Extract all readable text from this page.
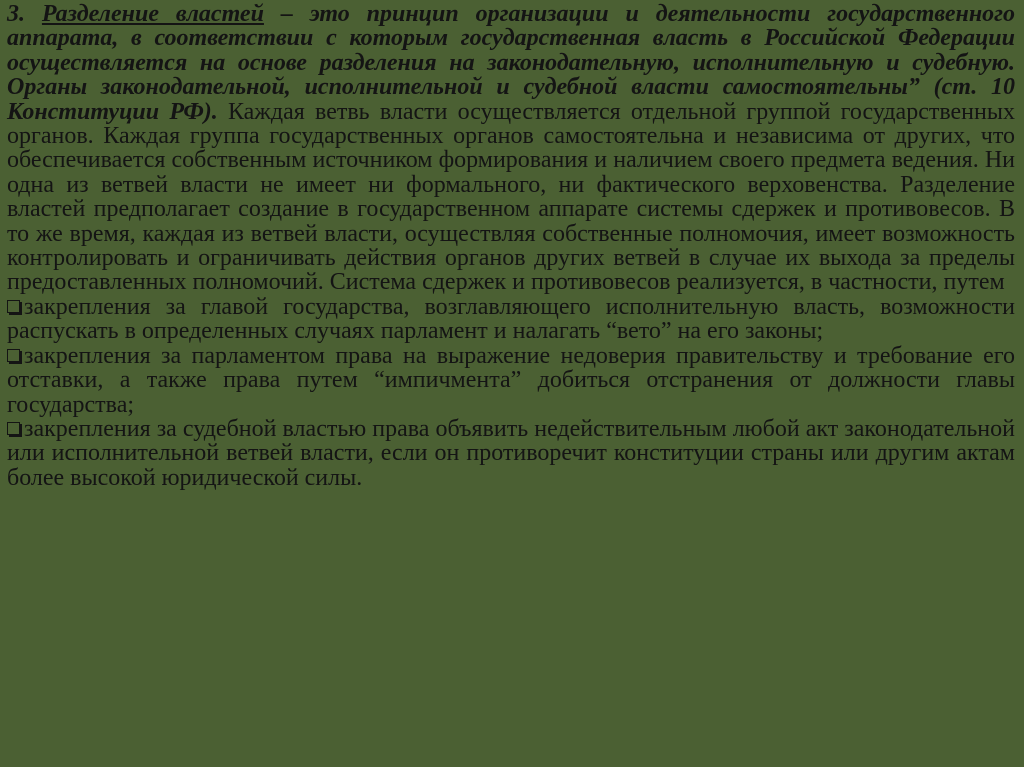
3. Разделение властей – это принцип организации и деятельности государственного аппарата, в соответствии с которым государственная власть в Российской Федерации осуществляется на основе разделения на законодательную, исполнительную и судебную. Органы законодательной, исполнительной и судебной власти самостоятельны” (ст. 10 Конституции РФ). Каждая ветвь власти осуществляется отдельной группой государственных органов. Каждая группа государственных органов самостоятельна и независима от других, что обеспечивается собственным источником формирования и наличием своего предмета ведения. Ни одна из ветвей власти не имеет ни формального, ни фактического верховенства. Разделение властей предполагает создание в государственном аппарате системы сдержек и противовесов. В то же время, каждая из ветвей власти, осуществляя собственные полномочия, имеет возможность контролировать и ограничивать действия органов других ветвей в случае их выхода за пределы предоставленных полномочий. Система сдержек и противовесов реализуется, в частности, путем

закрепления за главой государства, возглавляющего исполнительную власть, возможности распускать в определенных случаях парламент и налагать “вето” на его законы;

закрепления за парламентом права на выражение недоверия правительству и требование его отставки, а также права путем “импичмента” добиться отстранения от должности главы государства;

закрепления за судебной властью права объявить недействительным любой акт законодательной или исполнительной ветвей власти, если он противоречит конституции страны или другим актам более высокой юридической силы.
